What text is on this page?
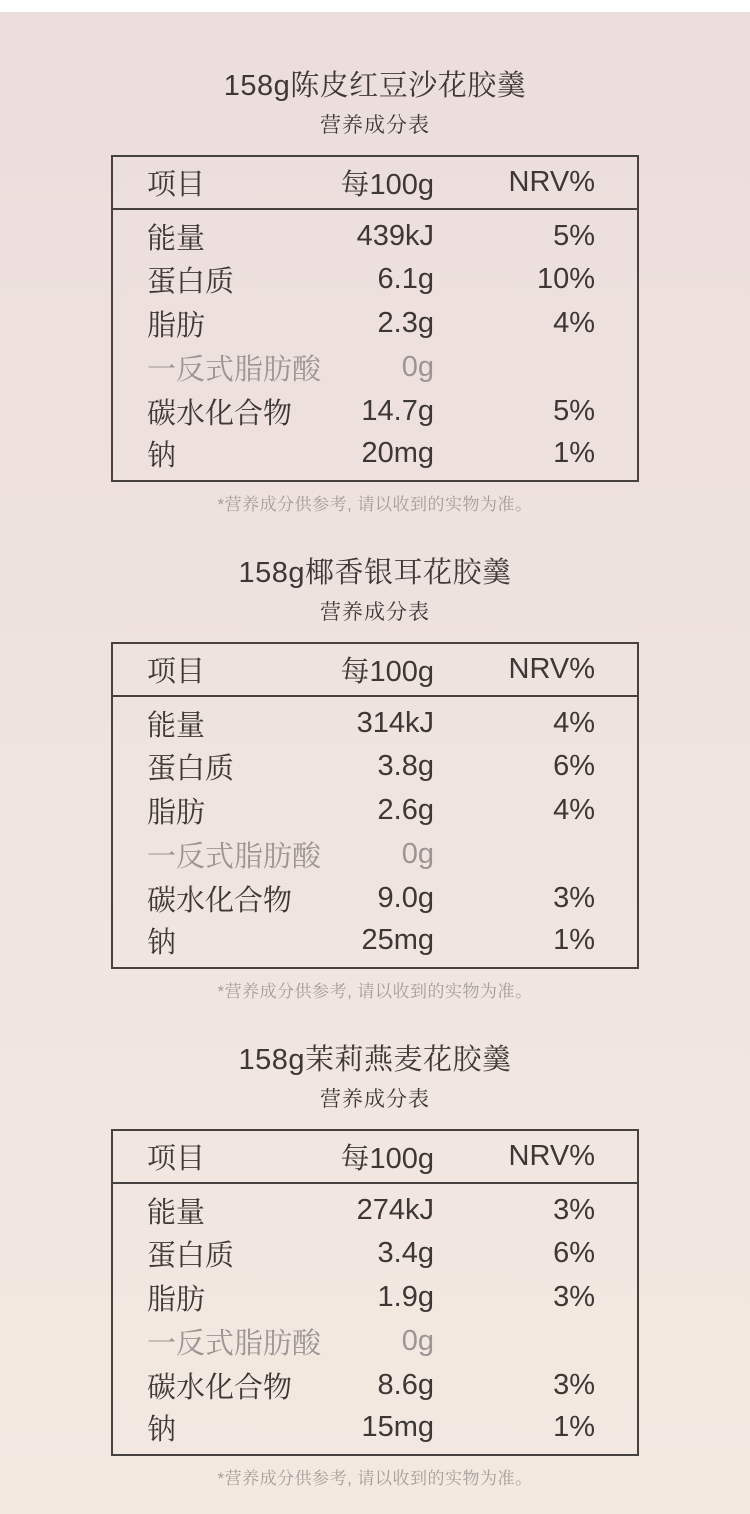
158g陈皮红豆沙花胶羹
营养成分表
项目	每100g	NRV%
能量	439kJ	5%
蛋白质	6.1g	10%
脂肪	2.3g	4%
一反式脂肪酸	0g	
碳水化合物	14.7g	5%
钠	20mg	1%
*营养成分供参考, 请以收到的实物为准。
158g椰香银耳花胶羹
营养成分表
项目	每100g	NRV%
能量	314kJ	4%
蛋白质	3.8g	6%
脂肪	2.6g	4%
一反式脂肪酸	0g	
碳水化合物	9.0g	3%
钠	25mg	1%
*营养成分供参考, 请以收到的实物为准。
158g茉莉燕麦花胶羹
营养成分表
项目	每100g	NRV%
能量	274kJ	3%
蛋白质	3.4g	6%
脂肪	1.9g	3%
一反式脂肪酸	0g	
碳水化合物	8.6g	3%
钠	15mg	1%
*营养成分供参考, 请以收到的实物为准。
